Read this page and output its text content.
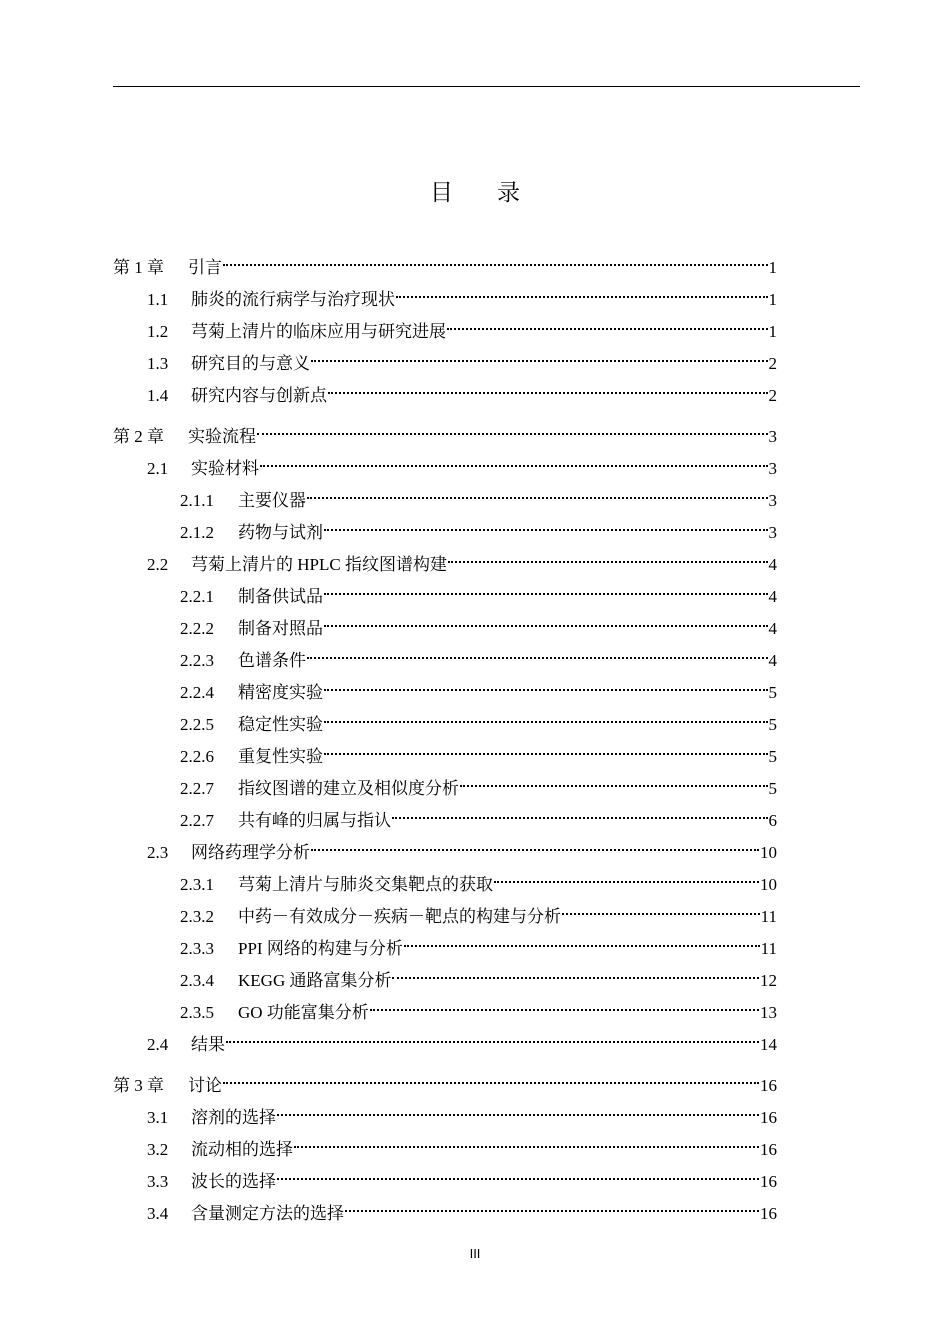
目 录
第 1 章	引言	1
1.1	肺炎的流行病学与治疗现状	1
1.2	芎菊上清片的临床应用与研究进展	1
1.3	研究目的与意义	2
1.4	研究内容与创新点	2
第 2 章	实验流程	3
2.1	实验材料	3
2.1.1	主要仪器	3
2.1.2	药物与试剂	3
2.2	芎菊上清片的 HPLC 指纹图谱构建	4
2.2.1	制备供试品	4
2.2.2	制备对照品	4
2.2.3	色谱条件	4
2.2.4	精密度实验	5
2.2.5	稳定性实验	5
2.2.6	重复性实验	5
2.2.7	指纹图谱的建立及相似度分析	5
2.2.7	共有峰的归属与指认	6
2.3	网络药理学分析	10
2.3.1	芎菊上清片与肺炎交集靶点的获取	10
2.3.2	中药－有效成分－疾病－靶点的构建与分析	11
2.3.3	PPI 网络的构建与分析	11
2.3.4	KEGG 通路富集分析	12
2.3.5	GO 功能富集分析	13
2.4	结果	14
第 3 章	讨论	16
3.1	溶剂的选择	16
3.2	流动相的选择	16
3.3	波长的选择	16
3.4	含量测定方法的选择	16
III
